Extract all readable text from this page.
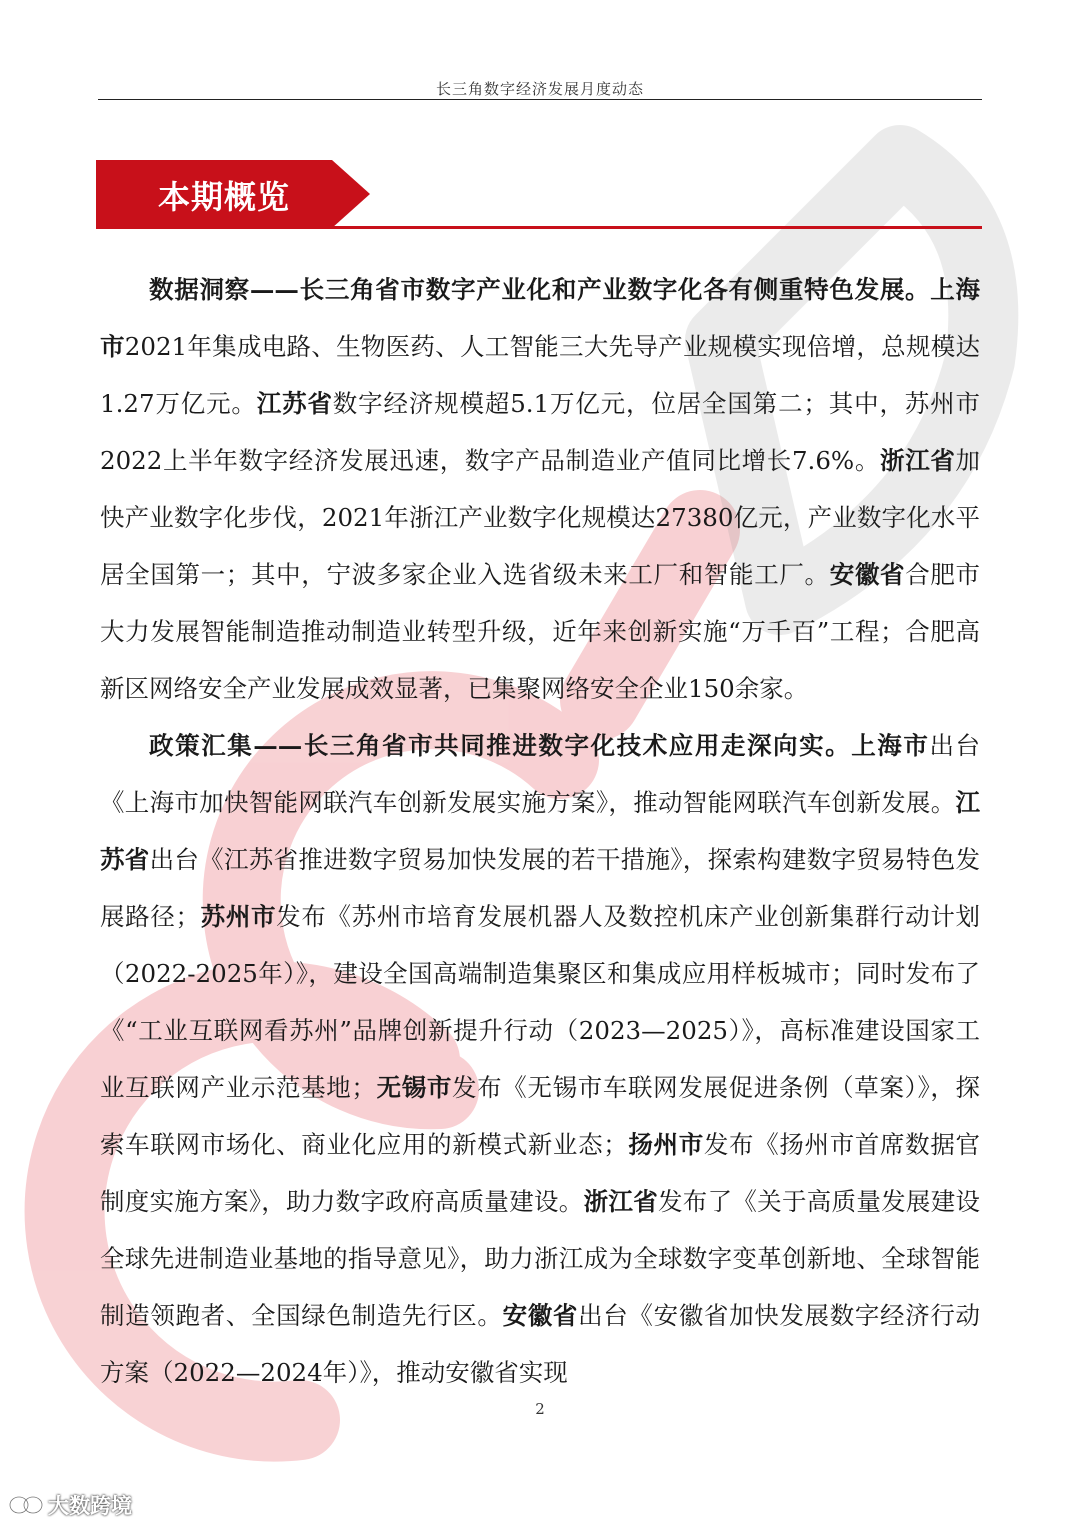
长三角数字经济发展月度动态
本期概览

数据洞察——长三角省市数字产业化和产业数字化各有侧重特色发展。上海市2021年集成电路、生物医药、人工智能三大先导产业规模实现倍增，总规模达1.27万亿元。江苏省数字经济规模超5.1万亿元，位居全国第二；其中，苏州市2022上半年数字经济发展迅速，数字产品制造业产值同比增长7.6%。浙江省加快产业数字化步伐，2021年浙江产业数字化规模达27380亿元，产业数字化水平居全国第一；其中，宁波多家企业入选省级未来工厂和智能工厂。安徽省合肥市大力发展智能制造推动制造业转型升级，近年来创新实施“万千百”工程；合肥高新区网络安全产业发展成效显著，已集聚网络安全企业150余家。

政策汇集——长三角省市共同推进数字化技术应用走深向实。上海市出台《上海市加快智能网联汽车创新发展实施方案》，推动智能网联汽车创新发展。江苏省出台《江苏省推进数字贸易加快发展的若干措施》，探索构建数字贸易特色发展路径；苏州市发布《苏州市培育发展机器人及数控机床产业创新集群行动计划（2022-2025年）》，建设全国高端制造集聚区和集成应用样板城市；同时发布了《“工业互联网看苏州”品牌创新提升行动（2023—2025）》，高标准建设国家工业互联网产业示范基地；无锡市发布《无锡市车联网发展促进条例（草案）》，探索车联网市场化、商业化应用的新模式新业态；扬州市发布《扬州市首席数据官制度实施方案》，助力数字政府高质量建设。浙江省发布了《关于高质量发展建设全球先进制造业基地的指导意见》，助力浙江成为全球数字变革创新地、全球智能制造领跑者、全国绿色制造先行区。安徽省出台《安徽省加快发展数字经济行动方案（2022—2024年）》，推动安徽省实现

2
大数跨境
